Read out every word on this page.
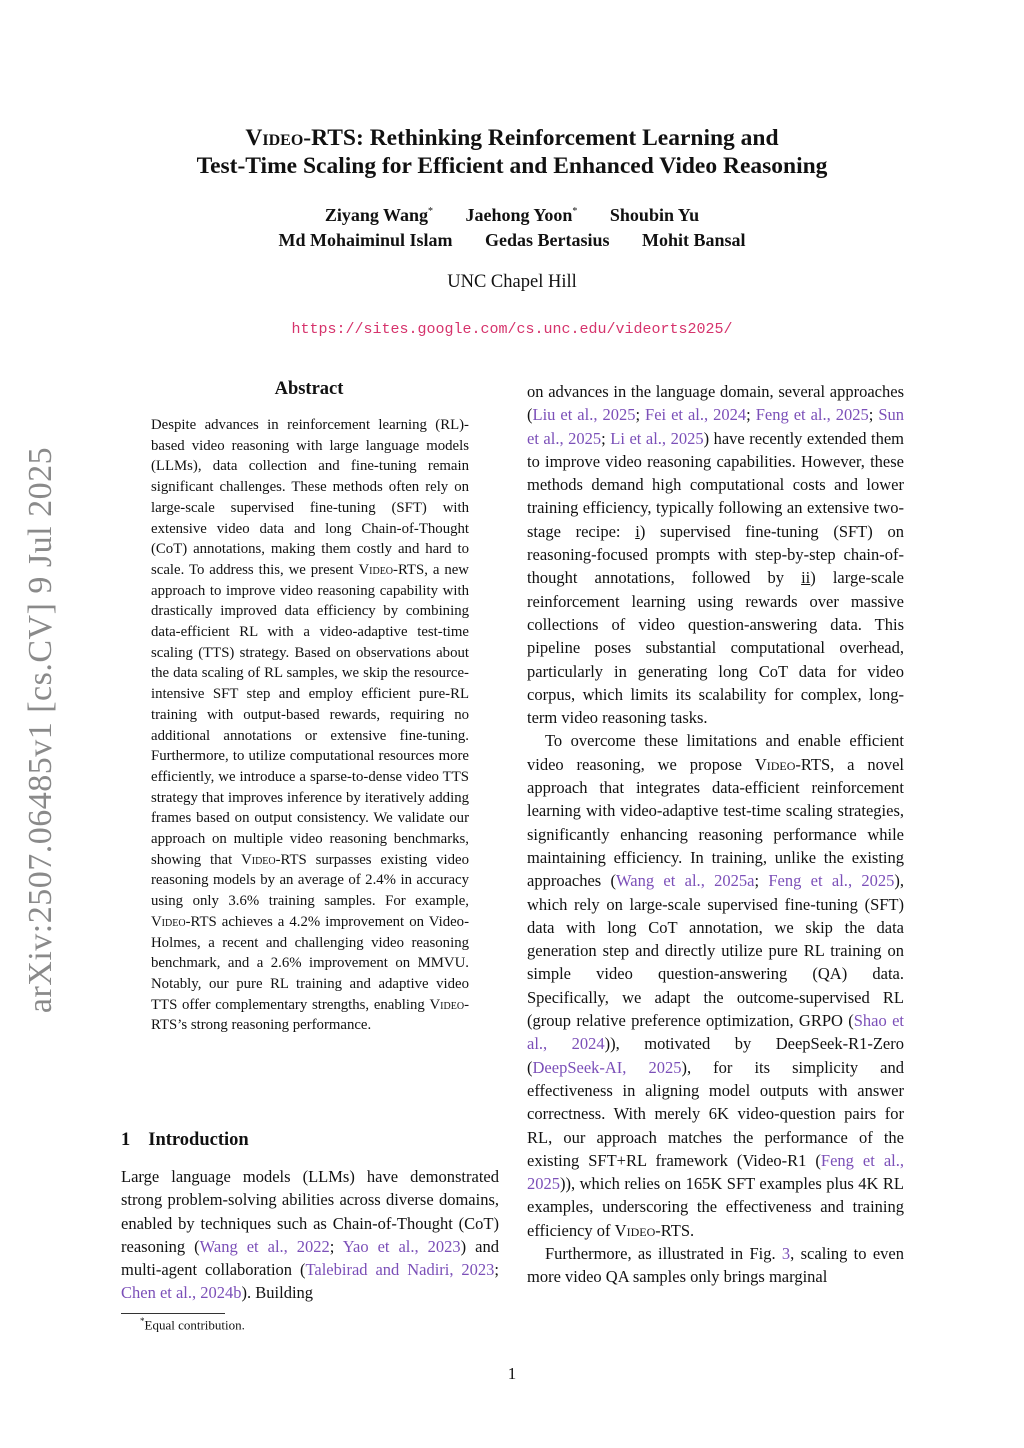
arXiv:2507.06485v1 [cs.CV] 9 Jul 2025
Video-RTS: Rethinking Reinforcement Learning and
Test-Time Scaling for Efficient and Enhanced Video Reasoning
Ziyang Wang* Jaehong Yoon* Shoubin Yu
Md Mohaiminul Islam Gedas Bertasius Mohit Bansal
UNC Chapel Hill
https://sites.google.com/cs.unc.edu/videorts2025/
Abstract
Despite advances in reinforcement learning (RL)-based video reasoning with large language models (LLMs), data collection and fine-tuning remain significant challenges. These methods often rely on large-scale supervised fine-tuning (SFT) with extensive video data and long Chain-of-Thought (CoT) annotations, making them costly and hard to scale. To address this, we present Video-RTS, a new approach to improve video reasoning capability with drastically improved data efficiency by combining data-efficient RL with a video-adaptive test-time scaling (TTS) strategy. Based on observations about the data scaling of RL samples, we skip the resource-intensive SFT step and employ efficient pure-RL training with output-based rewards, requiring no additional annotations or extensive fine-tuning. Furthermore, to utilize computational resources more efficiently, we introduce a sparse-to-dense video TTS strategy that improves inference by iteratively adding frames based on output consistency. We validate our approach on multiple video reasoning benchmarks, showing that Video-RTS surpasses existing video reasoning models by an average of 2.4% in accuracy using only 3.6% training samples. For example, Video-RTS achieves a 4.2% improvement on Video-Holmes, a recent and challenging video reasoning benchmark, and a 2.6% improvement on MMVU. Notably, our pure RL training and adaptive video TTS offer complementary strengths, enabling Video-RTS’s strong reasoning performance.
1 Introduction
Large language models (LLMs) have demonstrated strong problem-solving abilities across diverse domains, enabled by techniques such as Chain-of-Thought (CoT) reasoning (Wang et al., 2022; Yao et al., 2023) and multi-agent collaboration (Talebirad and Nadiri, 2023; Chen et al., 2024b). Building

on advances in the language domain, several approaches (Liu et al., 2025; Fei et al., 2024; Feng et al., 2025; Sun et al., 2025; Li et al., 2025) have recently extended them to improve video reasoning capabilities. However, these methods demand high computational costs and lower training efficiency, typically following an extensive two-stage recipe: i) supervised fine-tuning (SFT) on reasoning-focused prompts with step-by-step chain-of-thought annotations, followed by ii) large-scale reinforcement learning using rewards over massive collections of video question-answering data. This pipeline poses substantial computational overhead, particularly in generating long CoT data for video corpus, which limits its scalability for complex, long-term video reasoning tasks.

To overcome these limitations and enable efficient video reasoning, we propose Video-RTS, a novel approach that integrates data-efficient reinforcement learning with video-adaptive test-time scaling strategies, significantly enhancing reasoning performance while maintaining efficiency. In training, unlike the existing approaches (Wang et al., 2025a; Feng et al., 2025), which rely on large-scale supervised fine-tuning (SFT) data with long CoT annotation, we skip the data generation step and directly utilize pure RL training on simple video question-answering (QA) data. Specifically, we adapt the outcome-supervised RL (group relative preference optimization, GRPO (Shao et al., 2024)), motivated by DeepSeek-R1-Zero (DeepSeek-AI, 2025), for its simplicity and effectiveness in aligning model outputs with answer correctness. With merely 6K video-question pairs for RL, our approach matches the performance of the existing SFT+RL framework (Video-R1 (Feng et al., 2025)), which relies on 165K SFT examples plus 4K RL examples, underscoring the effectiveness and training efficiency of Video-RTS.

Furthermore, as illustrated in Fig. 3, scaling to even more video QA samples only brings marginal

*Equal contribution.
1
